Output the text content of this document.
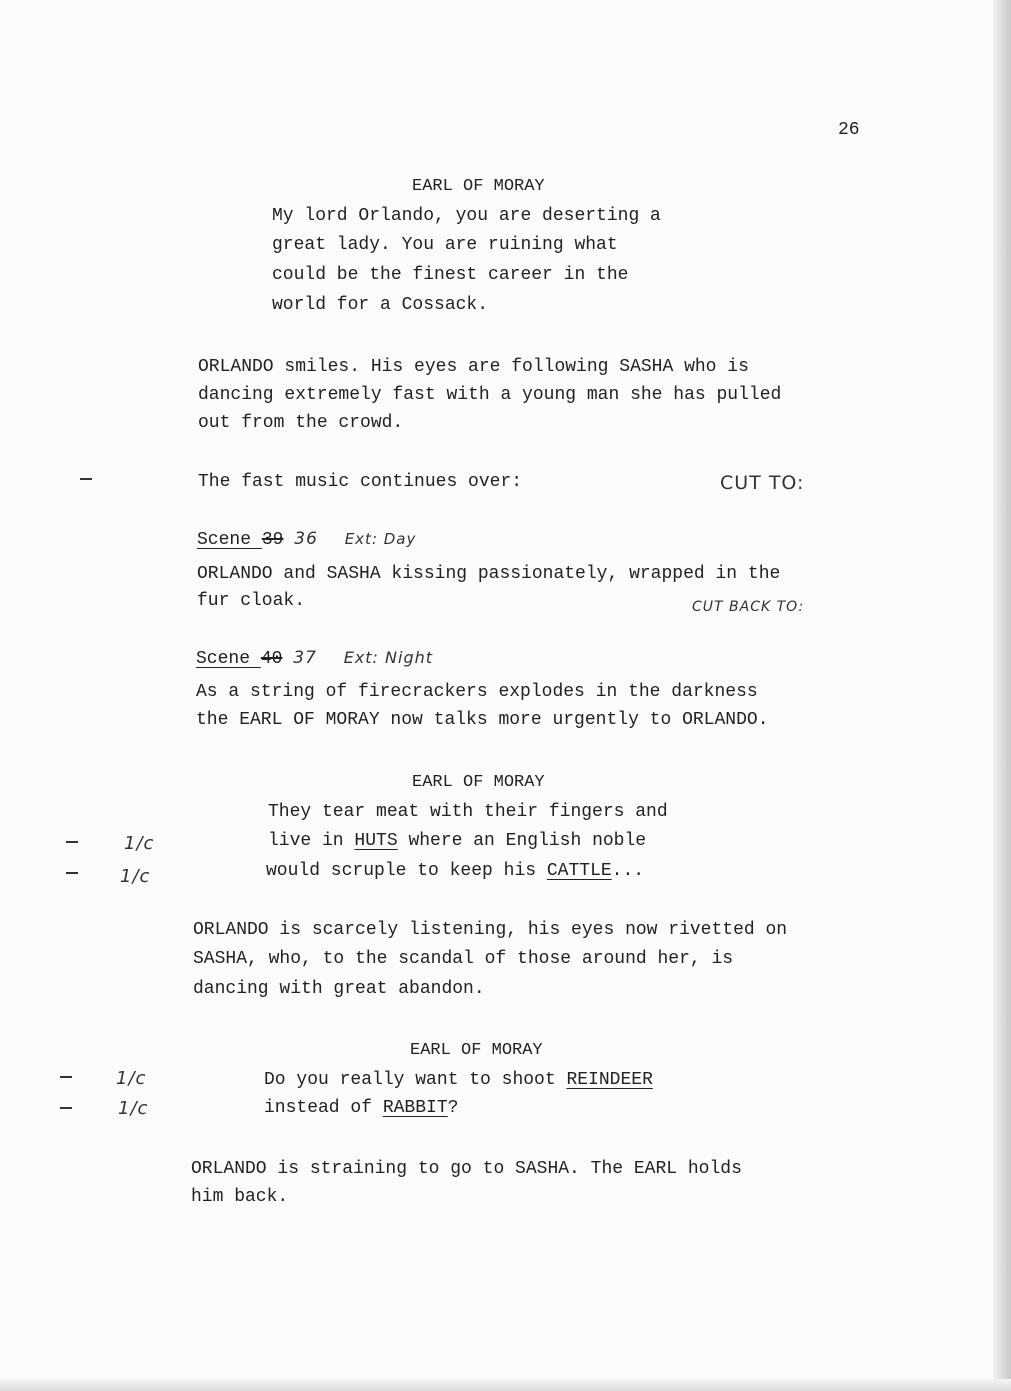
26
EARL OF MORAY
My lord Orlando, you are deserting a
great lady. You are ruining what
could be the finest career in the
world for a Cossack.
ORLANDO smiles. His eyes are following SASHA who is
dancing extremely fast with a young man she has pulled
out from the crowd.
The fast music continues over:	CUT TO:
Scene 39 36 Ext: Day
ORLANDO and SASHA kissing passionately, wrapped in the
fur cloak.	CUT BACK TO:
Scene 40 37 Ext: Night
As a string of firecrackers explodes in the darkness
the EARL OF MORAY now talks more urgently to ORLANDO.
EARL OF MORAY
They tear meat with their fingers and
live in HUTS where an English noble
would scruple to keep his CATTLE...
1/c
1/c
ORLANDO is scarcely listening, his eyes now rivetted on
SASHA, who, to the scandal of those around her, is
dancing with great abandon.
EARL OF MORAY
Do you really want to shoot REINDEER
instead of RABBIT?
1/c
1/c
ORLANDO is straining to go to SASHA. The EARL holds
him back.
